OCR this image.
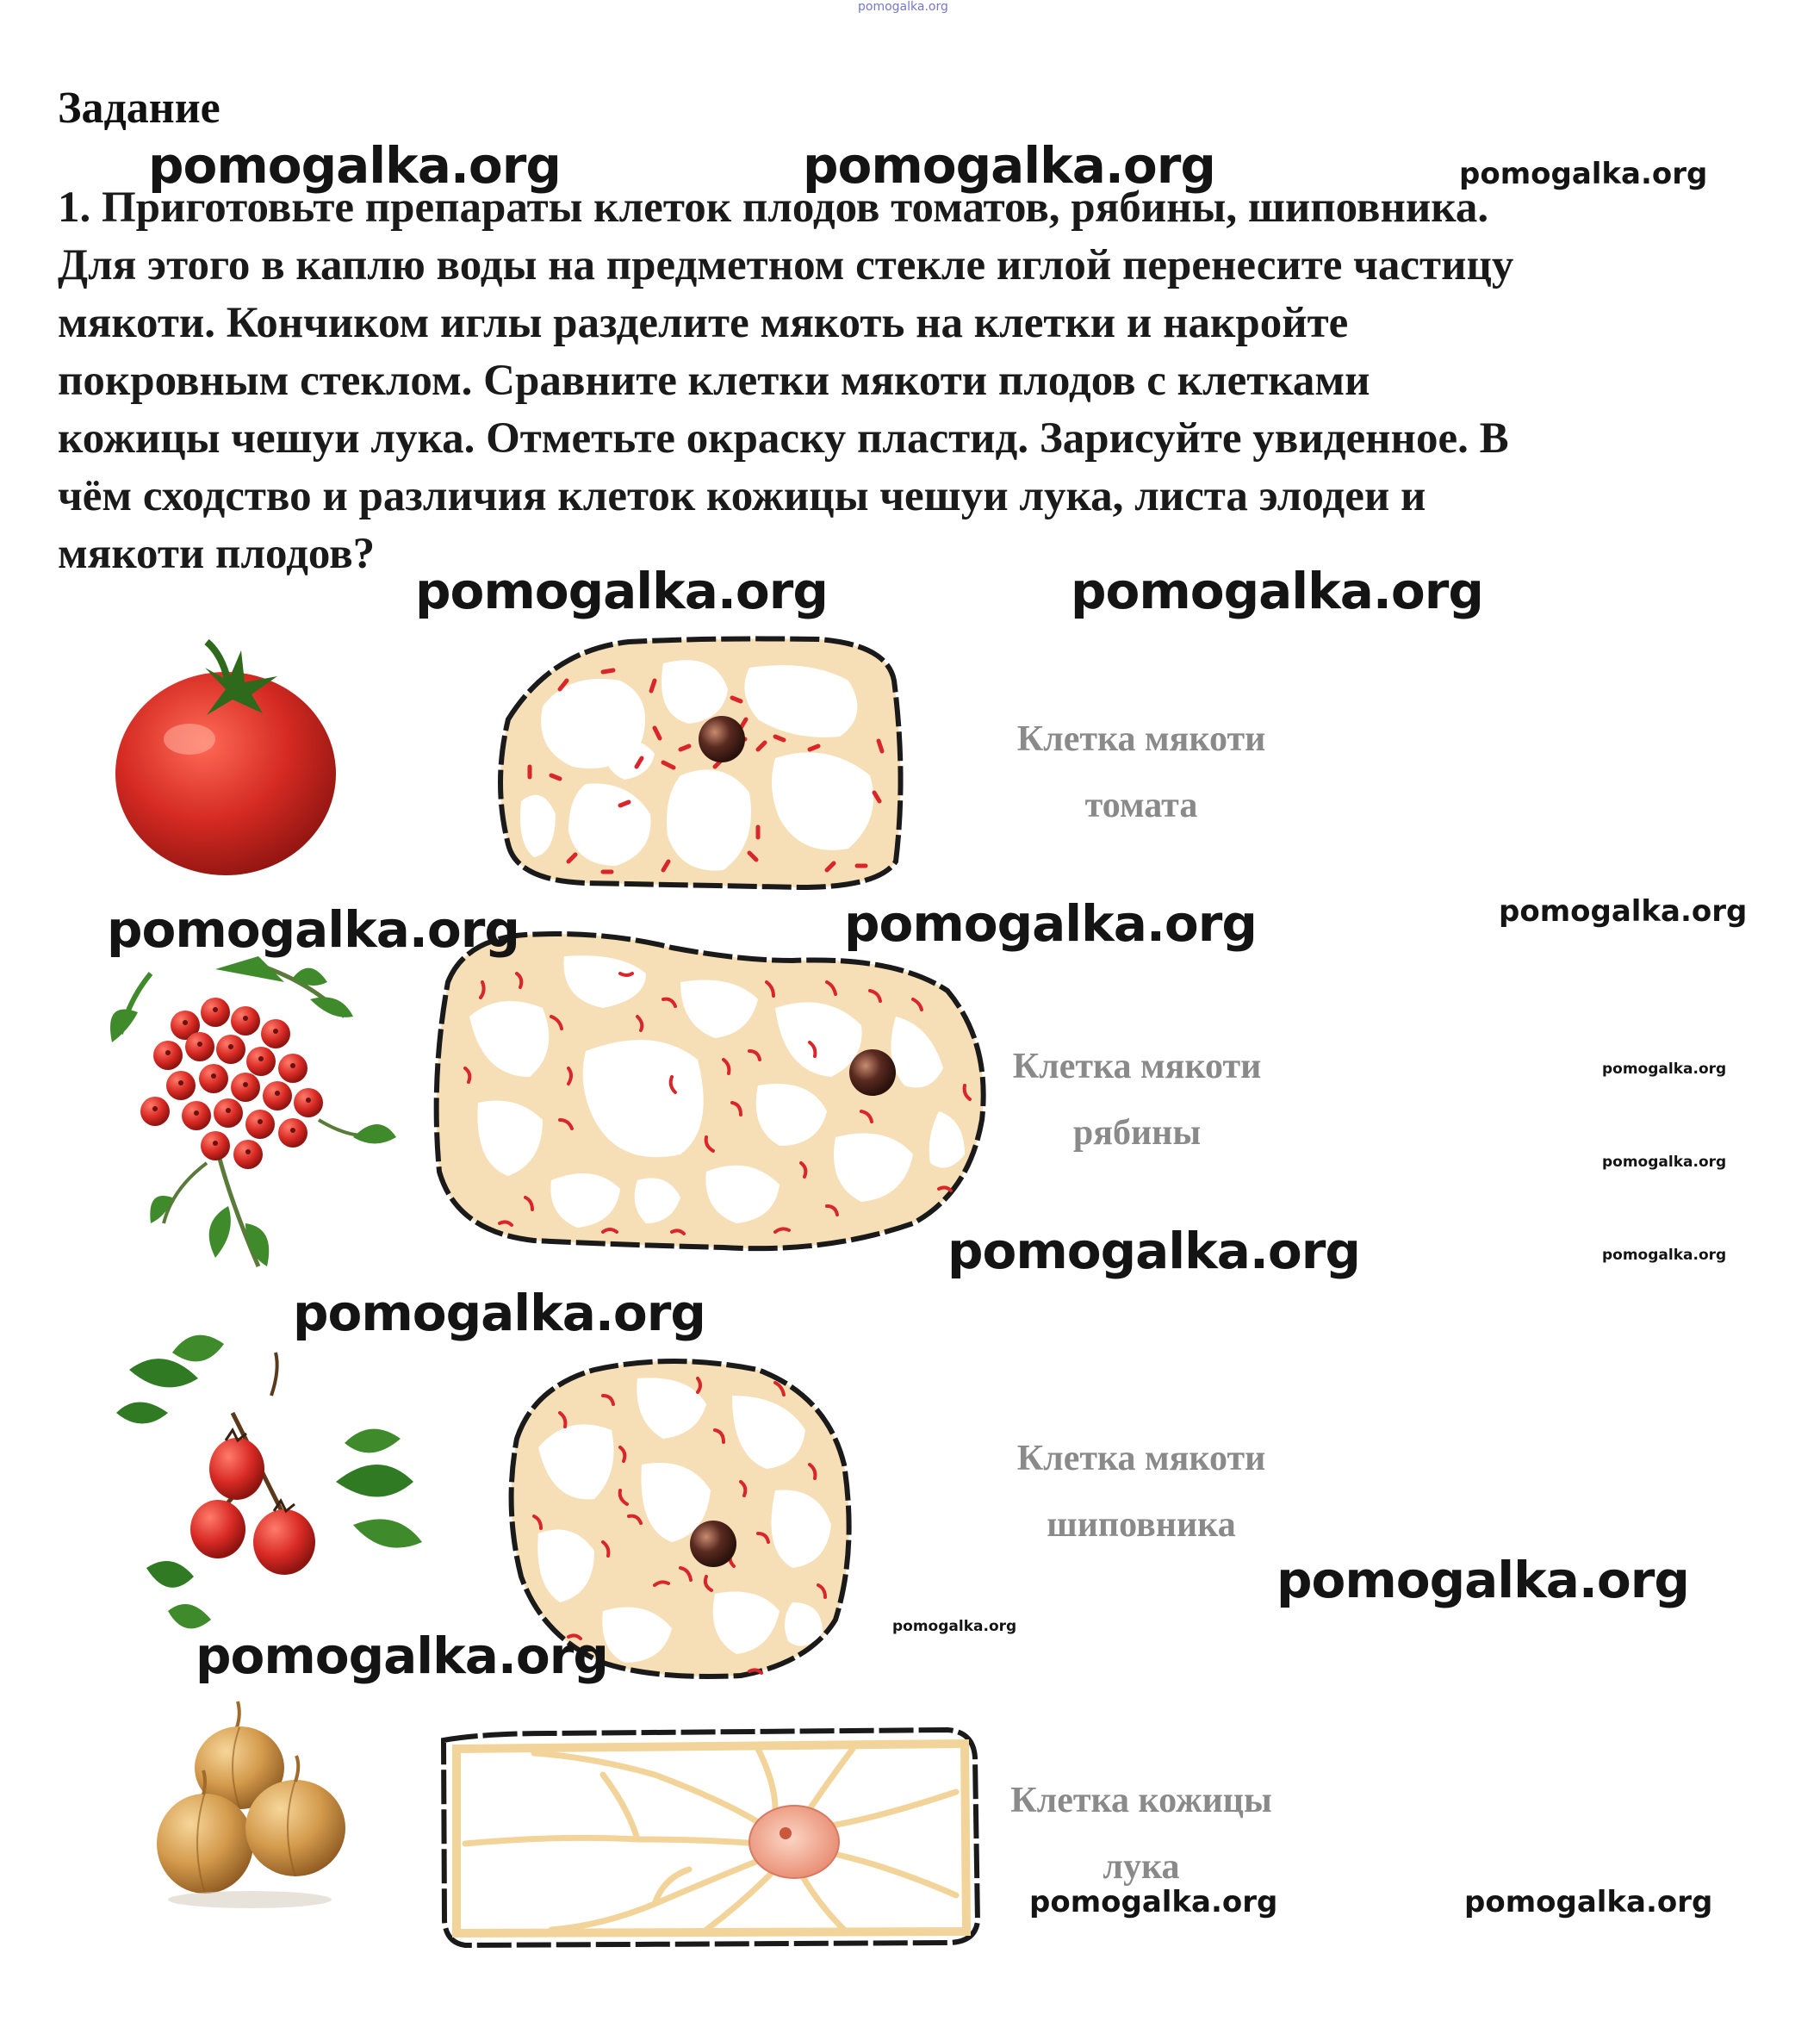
pomogalka.org
Задание
1. Приготовьте препараты клеток плодов томатов, рябины, шиповника.
Для этого в каплю воды на предметном стекле иглой перенесите частицу
мякоти. Кончиком иглы разделите мякоть на клетки и накройте
покровным стеклом. Сравните клетки мякоти плодов с клетками
кожицы чешуи лука. Отметьте окраску пластид. Зарисуйте увиденное. В
чём сходство и различия клеток кожицы чешуи лука, листа элодеи и
мякоти плодов?
Клетка мякоти
томата
Клетка мякоти
рябины
Клетка мякоти
шиповника
Клетка кожицы
лука
pomogalka.org	pomogalka.org	pomogalka.org
pomogalka.org	pomogalka.org
pomogalka.org	pomogalka.org	pomogalka.org
pomogalka.org
pomogalka.org
pomogalka.org
pomogalka.org
pomogalka.org
pomogalka.org
pomogalka.org
pomogalka.org
pomogalka.org	pomogalka.org
